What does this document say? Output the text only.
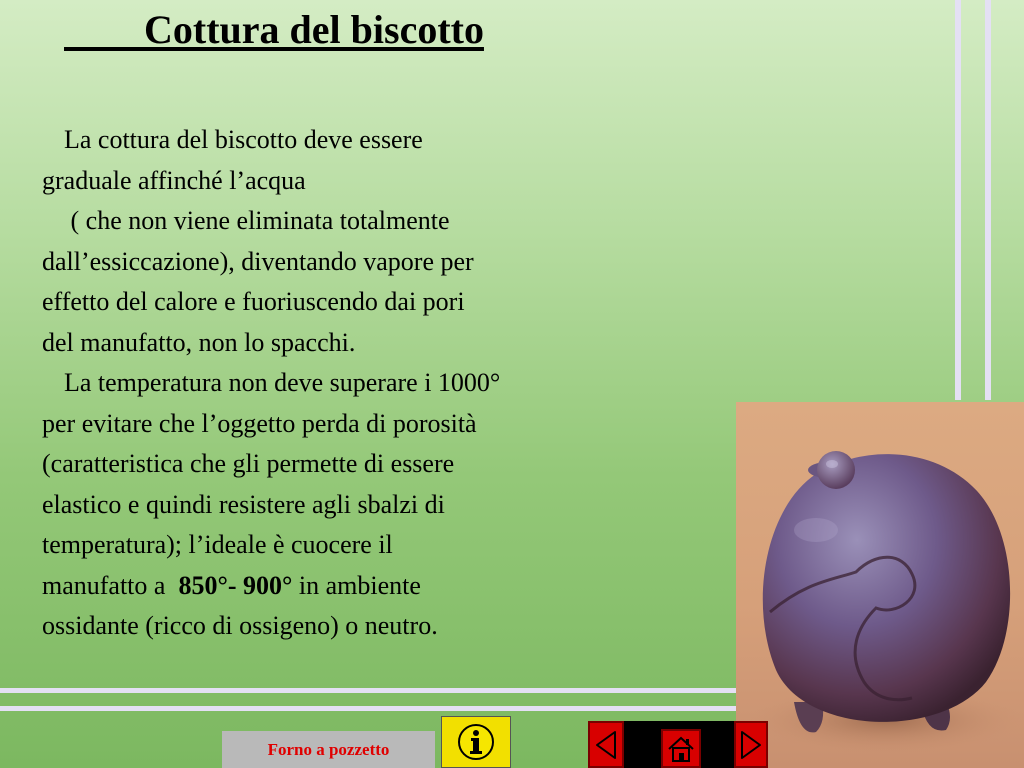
Cottura del biscotto

La cottura del biscotto deve essere

graduale affinché l’acqua

( che non viene eliminata totalmente

dall’essiccazione), diventando vapore per

effetto del calore e fuoriuscendo dai pori

del manufatto, non lo spacchi.

La temperatura non deve superare i 1000°

per evitare che l’oggetto perda di porosità

(caratteristica che gli permette di essere

elastico e quindi resistere agli sbalzi di

temperatura); l’ideale è cuocere il

manufatto a  850°- 900° in ambiente

ossidante (ricco di ossigeno) o neutro.

Forno a pozzetto
